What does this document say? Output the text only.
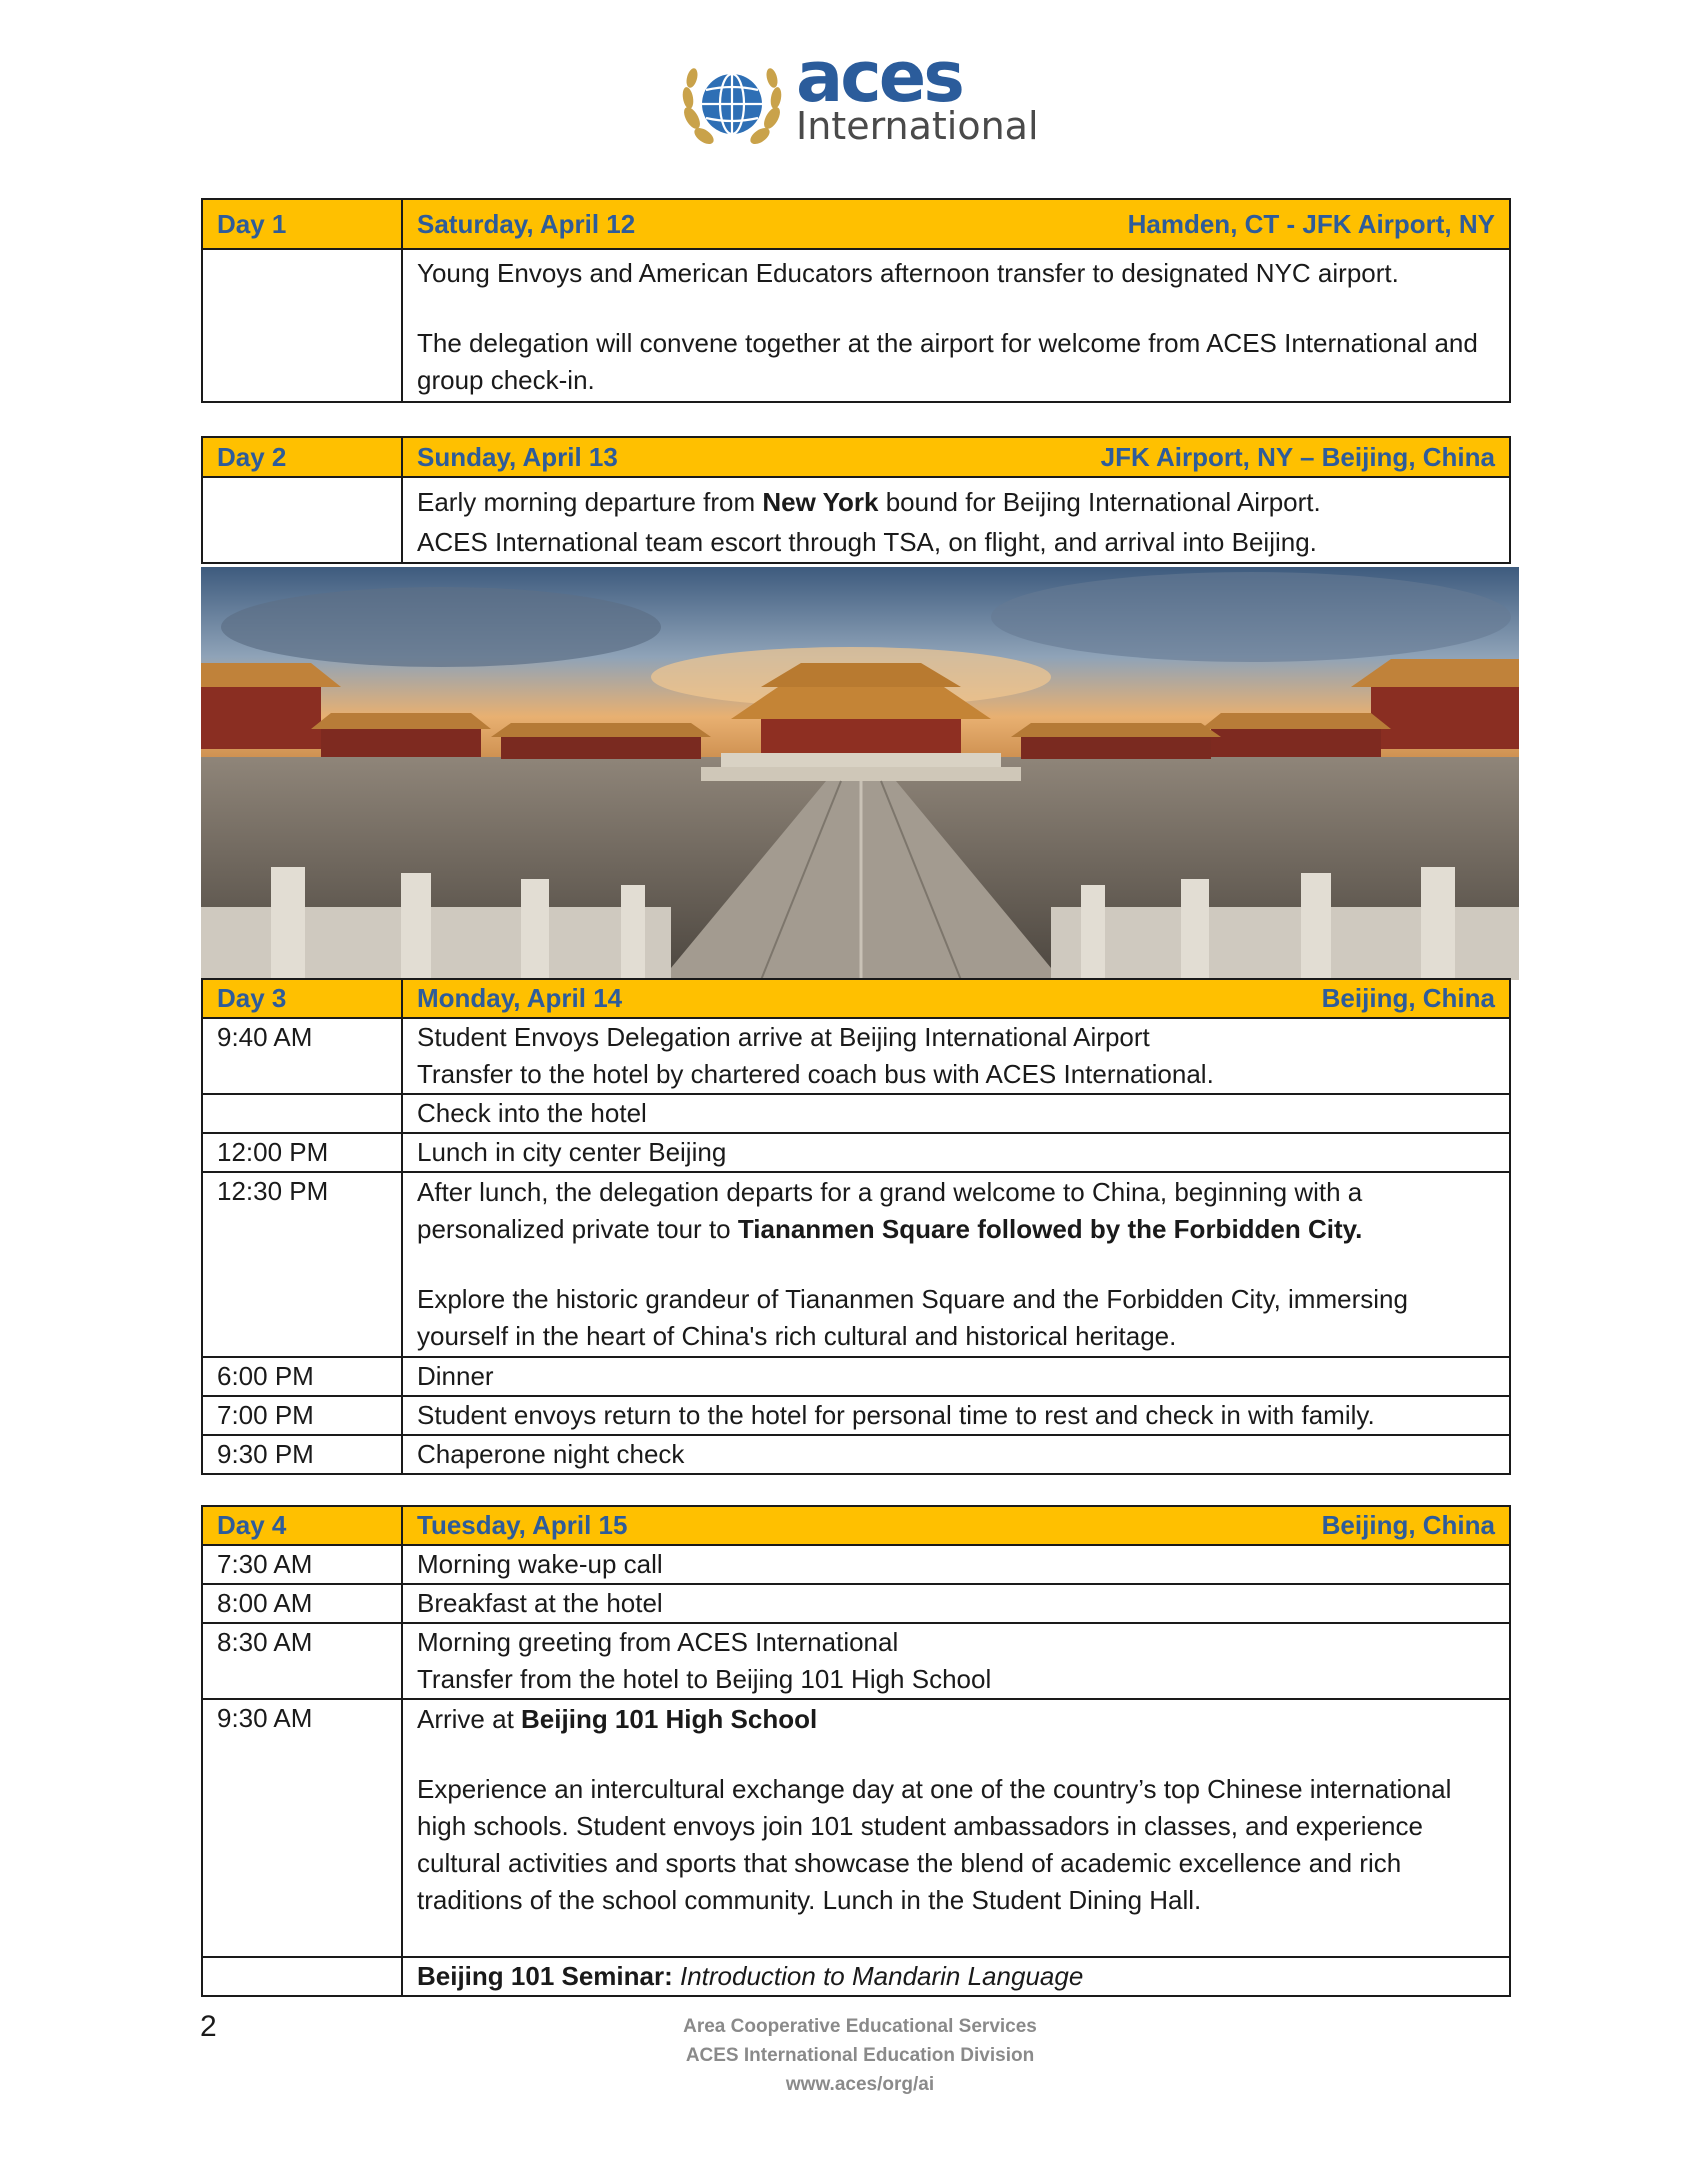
aces
International
Day 1	Saturday, April 12 Hamden, CT - JFK Airport, NY

	Young Envoys and American Educators afternoon transfer to designated NYC airport.
The delegation will convene together at the airport for welcome from ACES International and group check-in.
Day 2	Sunday, April 13 JFK Airport, NY – Beijing, China

	Early morning departure from New York bound for Beijing International Airport.
ACES International team escort through TSA, on flight, and arrival into Beijing.
Day 3	Monday, April 14 Beijing, China

9:40 AM	Student Envoys Delegation arrive at Beijing International Airport
Transfer to the hotel by chartered coach bus with ACES International.

	Check into the hotel
12:00 PM	Lunch in city center Beijing
12:30 PM	After lunch, the delegation departs for a grand welcome to China, beginning with a personalized private tour to Tiananmen Square followed by the Forbidden City.
Explore the historic grandeur of Tiananmen Square and the Forbidden City, immersing yourself in the heart of China's rich cultural and historical heritage.

6:00 PM	Dinner
7:00 PM	Student envoys return to the hotel for personal time to rest and check in with family.
9:30 PM	Chaperone night check
Day 4	Tuesday, April 15 Beijing, China

7:30 AM	Morning wake-up call
8:00 AM	Breakfast at the hotel
8:30 AM	Morning greeting from ACES International
Transfer from the hotel to Beijing 101 High School

9:30 AM	Arrive at Beijing 101 High School
Experience an intercultural exchange day at one of the country’s top Chinese international high schools. Student envoys join 101 student ambassadors in classes, and experience cultural activities and sports that showcase the blend of academic excellence and rich traditions of the school community. Lunch in the Student Dining Hall.

	Beijing 101 Seminar: Introduction to Mandarin Language
2	Area Cooperative Educational Services
ACES International Education Division
www.aces/org/ai
